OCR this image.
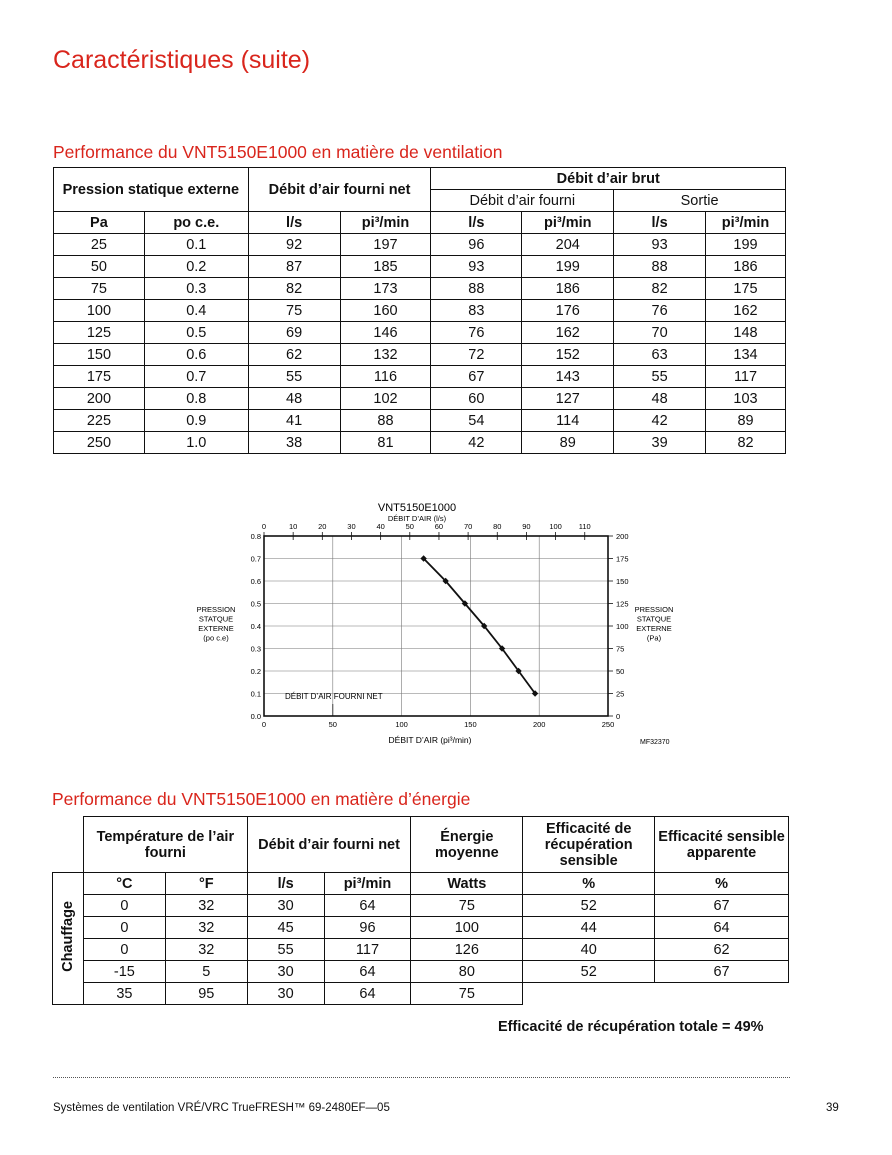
Caractéristiques (suite)
Performance du VNT5150E1000 en matière de ventilation
Pression statique externe		Débit d’air fourni net		Débit d’air brut			
				Débit d’air fourni		Sortie	
Pa	po c.e.	l/s	pi³/min	l/s	pi³/min	l/s	pi³/min
25	0.1	92	197	96	204	93	199
50	0.2	87	185	93	199	88	186
75	0.3	82	173	88	186	82	175
100	0.4	75	160	83	176	76	162
125	0.5	69	146	76	162	70	148
150	0.6	62	132	72	152	63	134
175	0.7	55	116	67	143	55	117
200	0.8	48	102	60	127	48	103
225	0.9	41	88	54	114	42	89
250	1.0	38	81	42	89	39	82
VNT5150E1000
DÉBIT D’AIR (l/s)
0	10	20	30	40	50	60	70	80	90 100 110
0.0
0.1
0.2
0.3
0.4
0.5
0.6
0.7
0.8
0
25
50
75
100
125
150
175
200
0	50	100	150	200	250
PRESSION
STATQUE
EXTERNE
(po c.e)
PRESSION
STATQUE
EXTERNE
(Pa)
DÉBIT D’AIR FOURNI NET
DÉBIT D’AIR (pi³/min)	MF32370
Performance du VNT5150E1000 en matière d’énergie
	Température de l’air fourni		Débit d’air fourni net		Énergie moyenne	Efficacité de récupération sensible	Efficacité sensible apparente
Chauffage	°C	°F	l/s	pi³/min	Watts	%	%
	0	32	30	64	75	52	67
	0	32	45	96	100	44	64
	0	32	55	117	126	40	62
	-15	5	30	64	80	52	67
	35	95	30	64	75		
Efficacité de récupération totale = 49%
Systèmes de ventilation VRÉ/VRC TrueFRESH™ 69-2480EF—05	39
